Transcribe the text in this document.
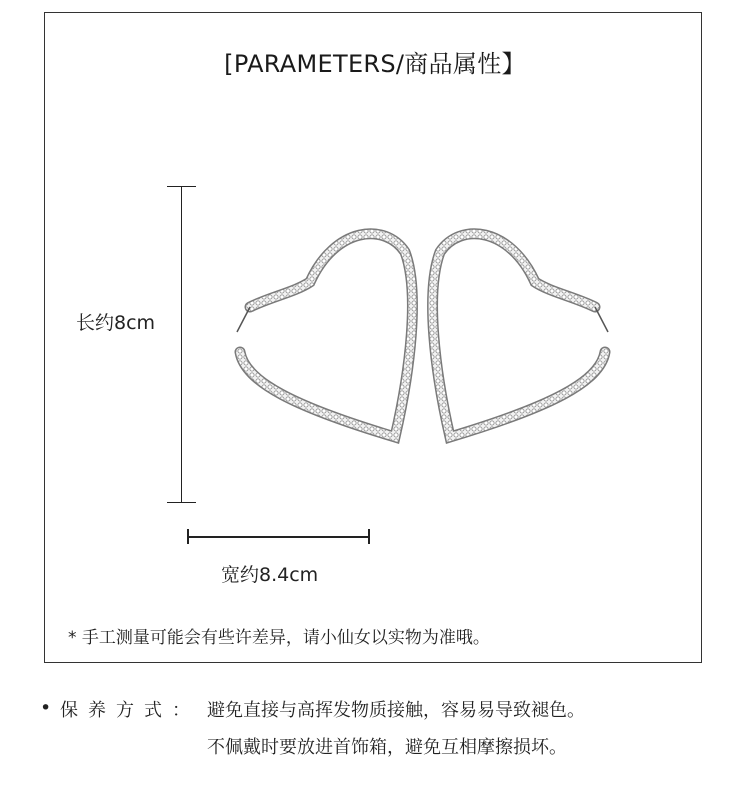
[PARAMETERS/商品属性】
长约8cm
宽约8.4cm
* 手工测量可能会有些许差异，请小仙女以实物为准哦。
• 保养方式： 避免直接与高挥发物质接触，容易易导致褪色。
不佩戴时要放进首饰箱，避免互相摩擦损坏。
